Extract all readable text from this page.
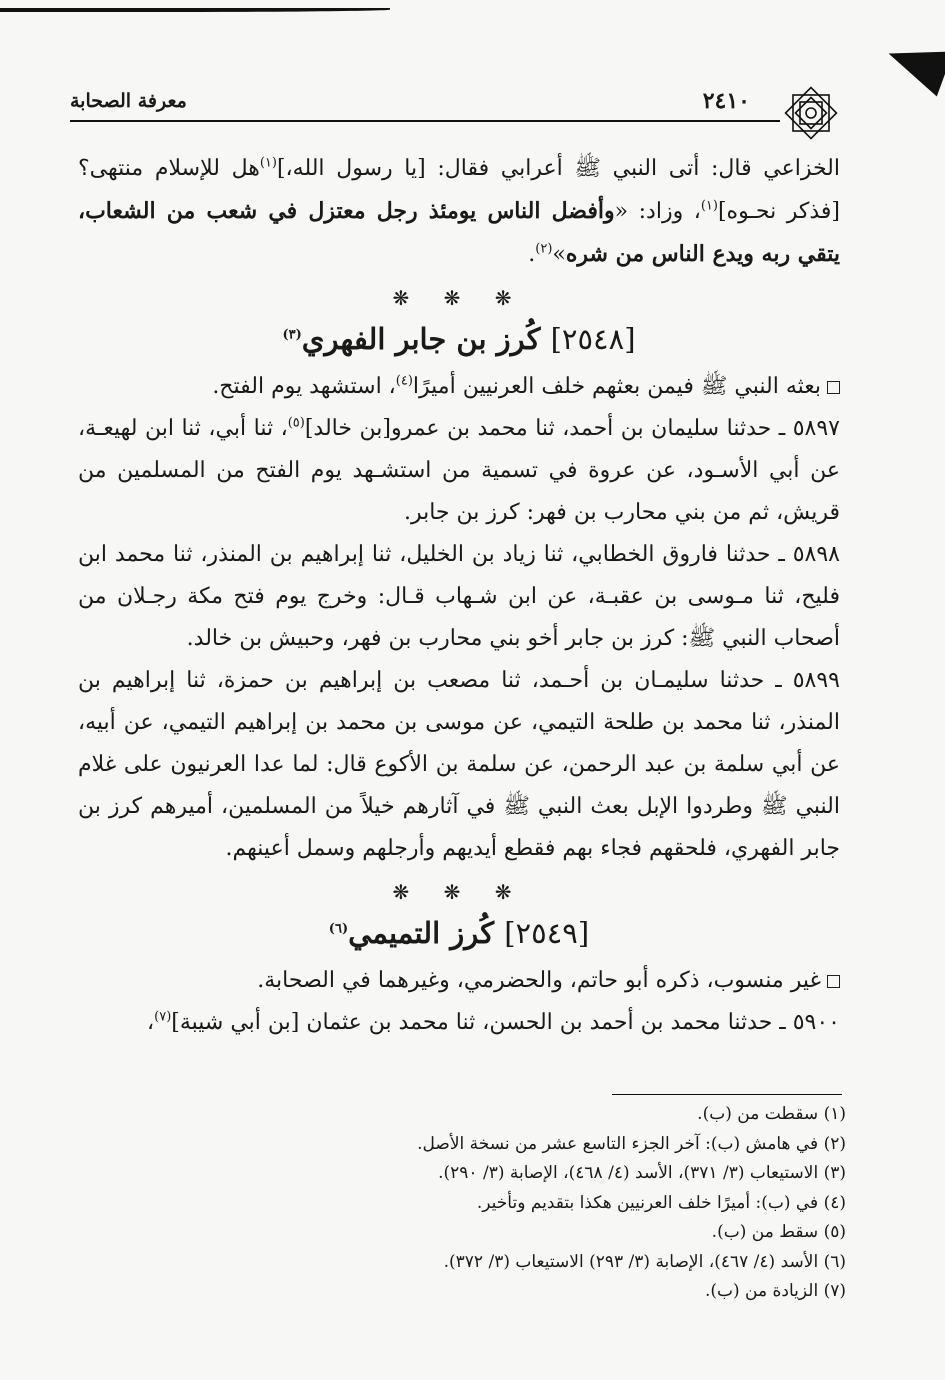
٢٤١٠
معرفة الصحابة

الخزاعي قال: أتى النبي ﷺ أعرابي فقال: [يا رسول الله،]$^{(١)}$هل للإسلام منتهى؟ [فذكر نحـوه]$^{(١)}$، وزاد: «وأفضل الناس يومئذ رجل معتزل في شعب من الشعاب، يتقي ربه ويدع الناس من شره»$^{(٢)}$.

❋ ❋ ❋
[٢٥٤٨] كُرز بن جابر الفهري$^{(٣)}$

بعثه النبي ﷺ فيمن بعثهم خلف العرنيين أميرًا$^{(٤)}$، استشهد يوم الفتح.

٥٨٩٧ ـ حدثنا سليمان بن أحمد، ثنا محمد بن عمرو[بن خالد]$^{(٥)}$، ثنا أبي، ثنا ابن لهيعـة، عن أبي الأسـود، عن عروة في تسمية من استشـهد يوم الفتح من المسلمين من قريش، ثم من بني محارب بن فهر: كرز بن جابر.

٥٨٩٨ ـ حدثنا فاروق الخطابي، ثنا زياد بن الخليل، ثنا إبراهيم بن المنذر، ثنا محمد ابن فليح، ثنا مـوسى بن عقبـة، عن ابن شـهاب قـال: وخرج يوم فتح مكة رجـلان من أصحاب النبي ﷺ: كرز بن جابر أخو بني محارب بن فهر، وحبيش بن خالد.

٥٨٩٩ ـ حدثنا سليمـان بن أحـمد، ثنا مصعب بن إبراهيم بن حمزة، ثنا إبراهيم بن المنذر، ثنا محمد بن طلحة التيمي، عن موسى بن محمد بن إبراهيم التيمي، عن أبيه، عن أبي سلمة بن عبد الرحمن، عن سلمة بن الأكوع قال: لما عدا العرنيون على غلام النبي ﷺ وطردوا الإبل بعث النبي ﷺ في آثارهم خيلاً من المسلمين، أميرهم كرز بن جابر الفهري، فلحقهم فجاء بهم فقطع أيديهم وأرجلهم وسمل أعينهم.

❋ ❋ ❋
[٢٥٤٩] كُرز التميمي$^{(٦)}$

غير منسوب، ذكره أبو حاتم، والحضرمي، وغيرهما في الصحابة.

٥٩٠٠ ـ حدثنا محمد بن أحمد بن الحسن، ثنا محمد بن عثمان [بن أبي شيبة]$^{(٧)}$،

(١) سقطت من (ب).
(٢) في هامش (ب): آخر الجزء التاسع عشر من نسخة الأصل.
(٣) الاستيعاب (٣/ ٣٧١)، الأسد (٤/ ٤٦٨)، الإصابة (٣/ ٢٩٠).
(٤) في (ب): أميرًا خلف العرنيين هكذا بتقديم وتأخير.
(٥) سقط من (ب).
(٦) الأسد (٤/ ٤٦٧)، الإصابة (٣/ ٢٩٣) الاستيعاب (٣/ ٣٧٢).
(٧) الزيادة من (ب).
